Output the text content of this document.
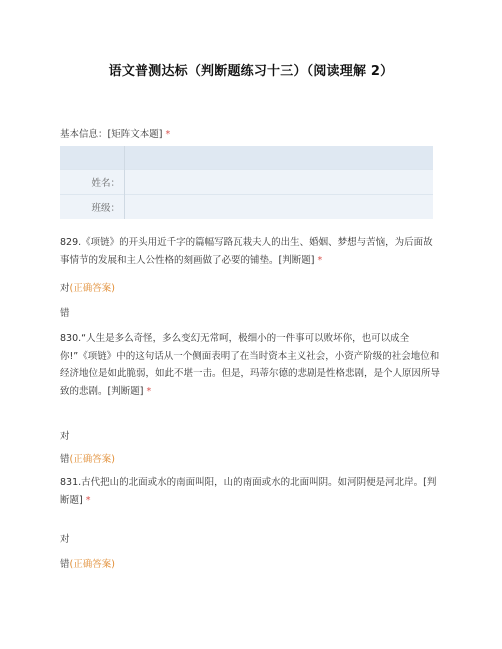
语文普测达标（判断题练习十三）（阅读理解 2）
基本信息：[矩阵文本题] *

姓名：	
班级：	
829.《项链》的开头用近千字的篇幅写路瓦栽夫人的出生、婚姻、梦想与苦恼，为后面故事情节的发展和主人公性格的刻画做了必要的铺垫。[判断题] *
对(正确答案)
错
830.“人生是多么奇怪，多么变幻无常呵，极细小的一件事可以败坏你，也可以成全你!”《项链》中的这句话从一个侧面表明了在当时资本主义社会，小资产阶级的社会地位和经济地位是如此脆弱，如此不堪一击。但是，玛蒂尔德的悲剧是性格悲剧，是个人原因所导致的悲剧。[判断题] *
对
错(正确答案)
831.古代把山的北面或水的南面叫阳，山的南面或水的北面叫阴。如河阴便是河北岸。[判断题] *
对
错(正确答案)
